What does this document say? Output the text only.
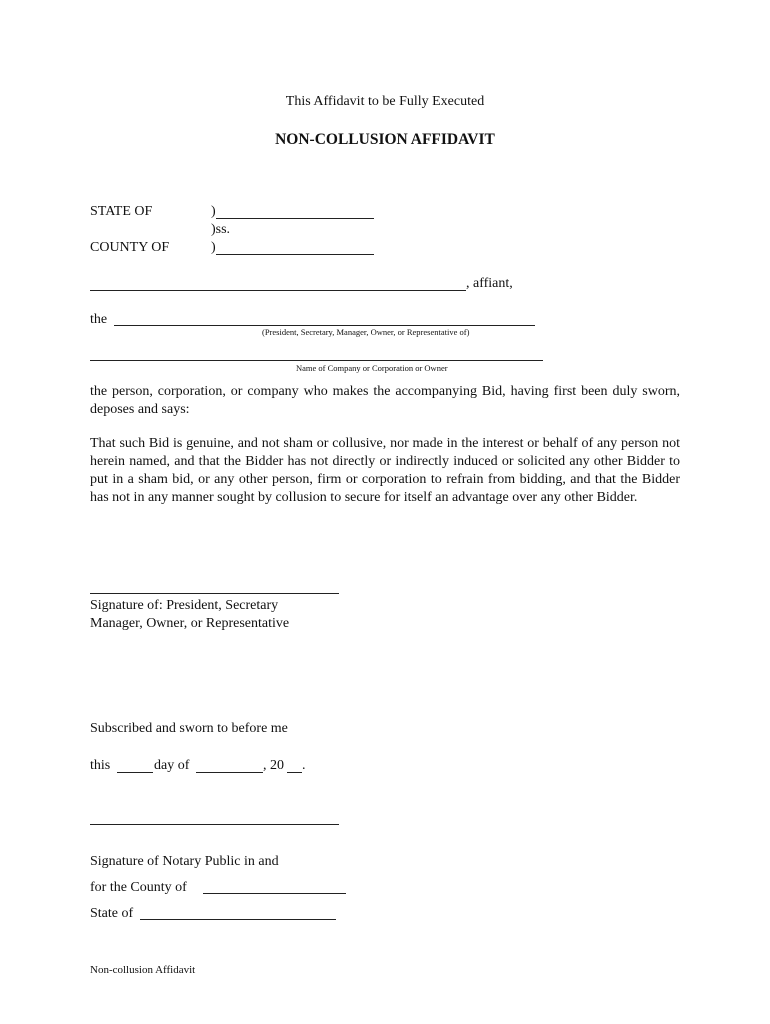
This Affidavit to be Fully Executed
NON-COLLUSION AFFIDAVIT
STATE OF	)
)ss.
COUNTY OF	)
, affiant,
the
(President, Secretary, Manager, Owner, or Representative of)
Name of Company or Corporation or Owner
the person, corporation, or company who makes the accompanying Bid, having first been duly sworn, deposes and says:
That such Bid is genuine, and not sham or collusive, nor made in the interest or behalf of any person not herein named, and that the Bidder has not directly or indirectly induced or solicited any other Bidder to put in a sham bid, or any other person, firm or corporation to refrain from bidding, and that the Bidder has not in any manner sought by collusion to secure for itself an advantage over any other Bidder.
Signature of: President, Secretary
Manager, Owner, or Representative
Subscribed and sworn to before me
this	day of	, 20 .
Signature of Notary Public in and
for the County of
State of
Non-collusion Affidavit
